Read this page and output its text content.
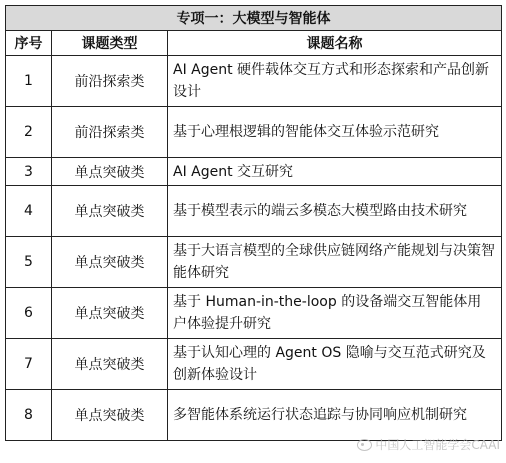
专项一：大模型与智能体		
序号	课题类型	课题名称
1	前沿探索类	AI Agent 硬件载体交互方式和形态探索和产品创新设计
2	前沿探索类	基于心理根逻辑的智能体交互体验示范研究
3	单点突破类	AI Agent 交互研究
4	单点突破类	基于模型表示的端云多模态大模型路由技术研究
5	单点突破类	基于大语言模型的全球供应链网络产能规划与决策智能体研究
6	单点突破类	基于 Human-in-the-loop 的设备端交互智能体用户体验提升研究
7	单点突破类	基于认知心理的 Agent OS 隐喻与交互范式研究及创新体验设计
8	单点突破类	多智能体系统运行状态追踪与协同响应机制研究
中国人工智能学会CAAI
